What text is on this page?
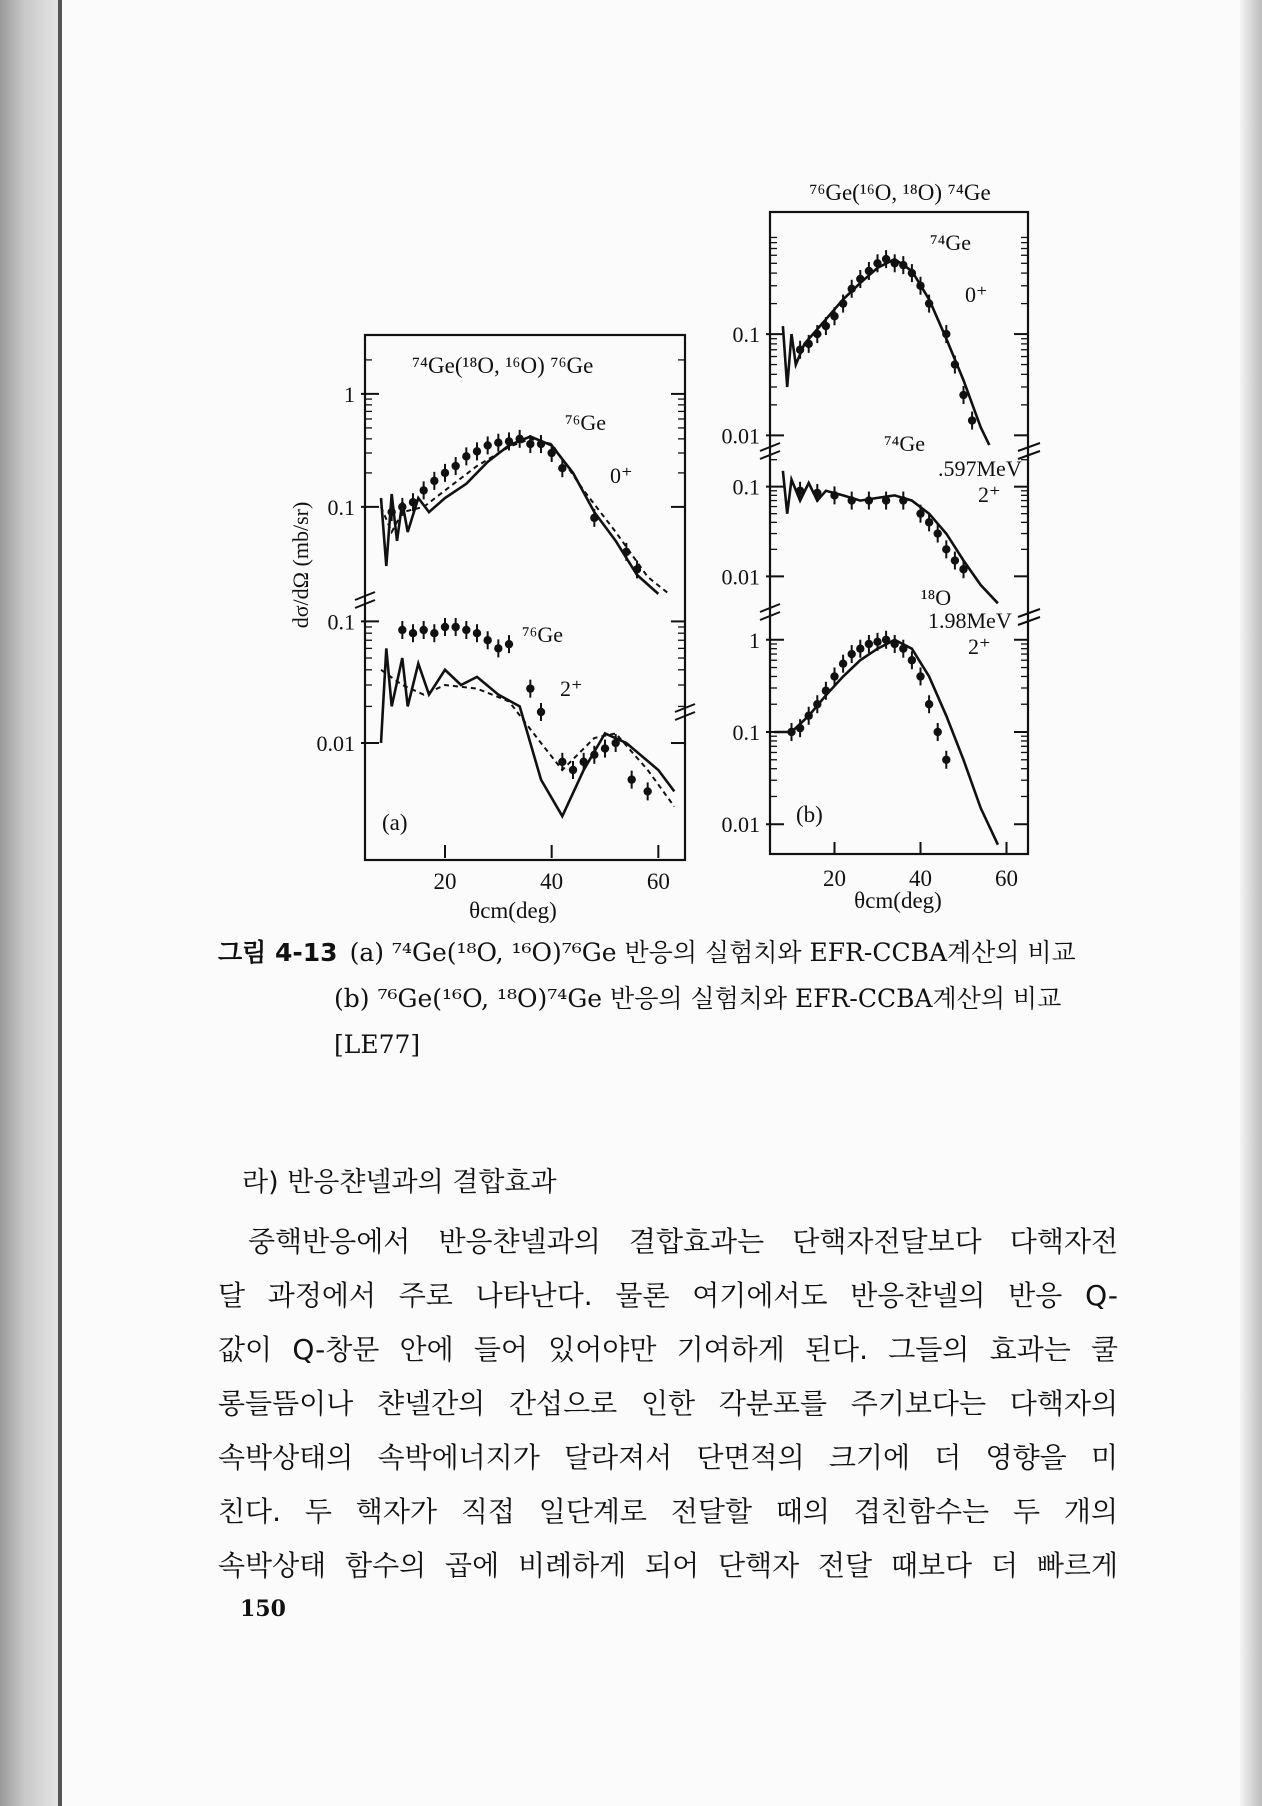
⁷⁴Ge(¹⁸O, ¹⁶O) ⁷⁶Ge
(a)
⁷⁶Ge
0⁺
⁷⁶Ge
2⁺
dσ/dΩ (mb/sr)
θcm(deg)
20	40	60
1
0.1
0.1
0.01
⁷⁶Ge(¹⁶O, ¹⁸O) ⁷⁴Ge
(b)
⁷⁴Ge
0⁺
⁷⁴Ge
.597MeV 2⁺
¹⁸O
1.98MeV 2⁺
θcm(deg)
20	40	60
0.1
0.01
0.1
0.01
1
0.1
0.01
그림 4-13 (a) ⁷⁴Ge(¹⁸O, ¹⁶O)⁷⁶Ge 반응의 실험치와 EFR-CCBA계산의 비교
(b) ⁷⁶Ge(¹⁶O, ¹⁸O)⁷⁴Ge 반응의 실험치와 EFR-CCBA계산의 비교
[LE77]
라) 반응챤넬과의 결합효과
중핵반응에서 반응챤넬과의 결합효과는 단핵자전달보다 다핵자전
달 과정에서 주로 나타난다. 물론 여기에서도 반응챤넬의 반응 Q-
값이 Q-창문 안에 들어 있어야만 기여하게 된다. 그들의 효과는 쿨
롱들뜸이나 챤넬간의 간섭으로 인한 각분포를 주기보다는 다핵자의
속박상태의 속박에너지가 달라져서 단면적의 크기에 더 영향을 미
친다. 두 핵자가 직접 일단계로 전달할 때의 겹친함수는 두 개의
속박상태 함수의 곱에 비례하게 되어 단핵자 전달 때보다 더 빠르게
150
